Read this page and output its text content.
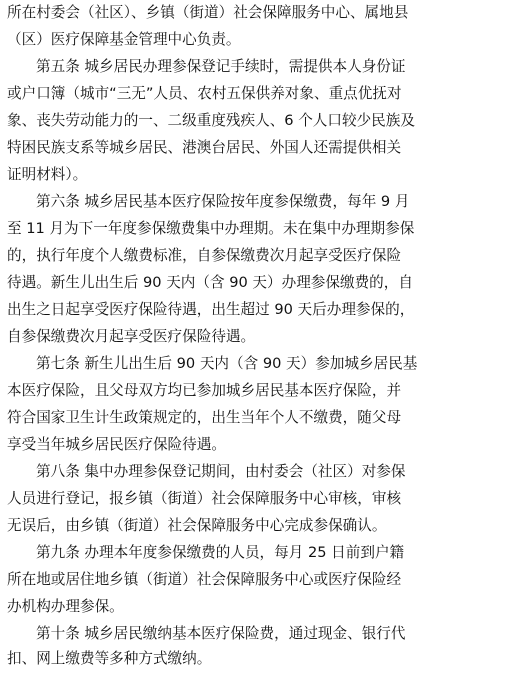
所在村委会（社区）、乡镇（街道）社会保障服务中心、属地县
（区）医疗保障基金管理中心负责。
第五条 城乡居民办理参保登记手续时，需提供本人身份证
或户口簿（城市“三无”人员、农村五保供养对象、重点优抚对
象、丧失劳动能力的一、二级重度残疾人、6 个人口较少民族及
特困民族支系等城乡居民、港澳台居民、外国人还需提供相关
证明材料）。
第六条 城乡居民基本医疗保险按年度参保缴费，每年 9 月
至 11 月为下一年度参保缴费集中办理期。未在集中办理期参保
的，执行年度个人缴费标准，自参保缴费次月起享受医疗保险
待遇。新生儿出生后 90 天内（含 90 天）办理参保缴费的，自
出生之日起享受医疗保险待遇，出生超过 90 天后办理参保的，
自参保缴费次月起享受医疗保险待遇。
第七条 新生儿出生后 90 天内（含 90 天）参加城乡居民基
本医疗保险，且父母双方均已参加城乡居民基本医疗保险，并
符合国家卫生计生政策规定的，出生当年个人不缴费，随父母
享受当年城乡居民医疗保险待遇。
第八条 集中办理参保登记期间，由村委会（社区）对参保
人员进行登记，报乡镇（街道）社会保障服务中心审核，审核
无误后，由乡镇（街道）社会保障服务中心完成参保确认。
第九条 办理本年度参保缴费的人员，每月 25 日前到户籍
所在地或居住地乡镇（街道）社会保障服务中心或医疗保险经
办机构办理参保。
第十条 城乡居民缴纳基本医疗保险费，通过现金、银行代
扣、网上缴费等多种方式缴纳。
